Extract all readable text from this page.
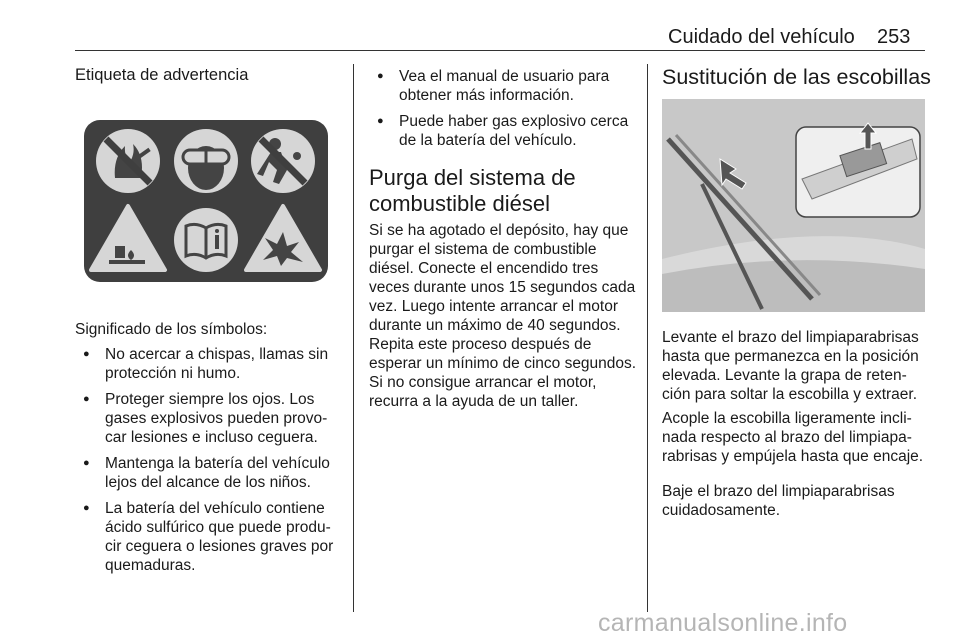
Cuidado del vehículo 253
Etiqueta de advertencia
Significado de los símbolos:
● No acercar a chispas, llamas sin protección ni humo.
● Proteger siempre los ojos. Los gases explosivos pueden provo- car lesiones e incluso ceguera.
● Mantenga la batería del vehículo lejos del alcance de los niños.
● La batería del vehículo contiene ácido sulfúrico que puede produ- cir ceguera o lesiones graves por quemaduras.
● Vea el manual de usuario para obtener más información.
● Puede haber gas explosivo cerca de la batería del vehículo.
Purga del sistema de combustible diésel

Si se ha agotado el depósito, hay que purgar el sistema de combustible diésel. Conecte el encendido tres veces durante unos 15 segundos cada vez. Luego intente arrancar el motor durante un máximo de 40 segundos. Repita este proceso después de esperar un mínimo de cinco segundos. Si no consigue arrancar el motor, recurra a la ayuda de un taller.

Sustitución de las escobillas

Levante el brazo del limpiaparabrisas hasta que permanezca en la posición elevada. Levante la grapa de reten- ción para soltar la escobilla y extraer.

Acople la escobilla ligeramente incli- nada respecto al brazo del limpiapa- rabrisas y empújela hasta que encaje.

Baje el brazo del limpiaparabrisas cuidadosamente.

carmanualsonline.info
